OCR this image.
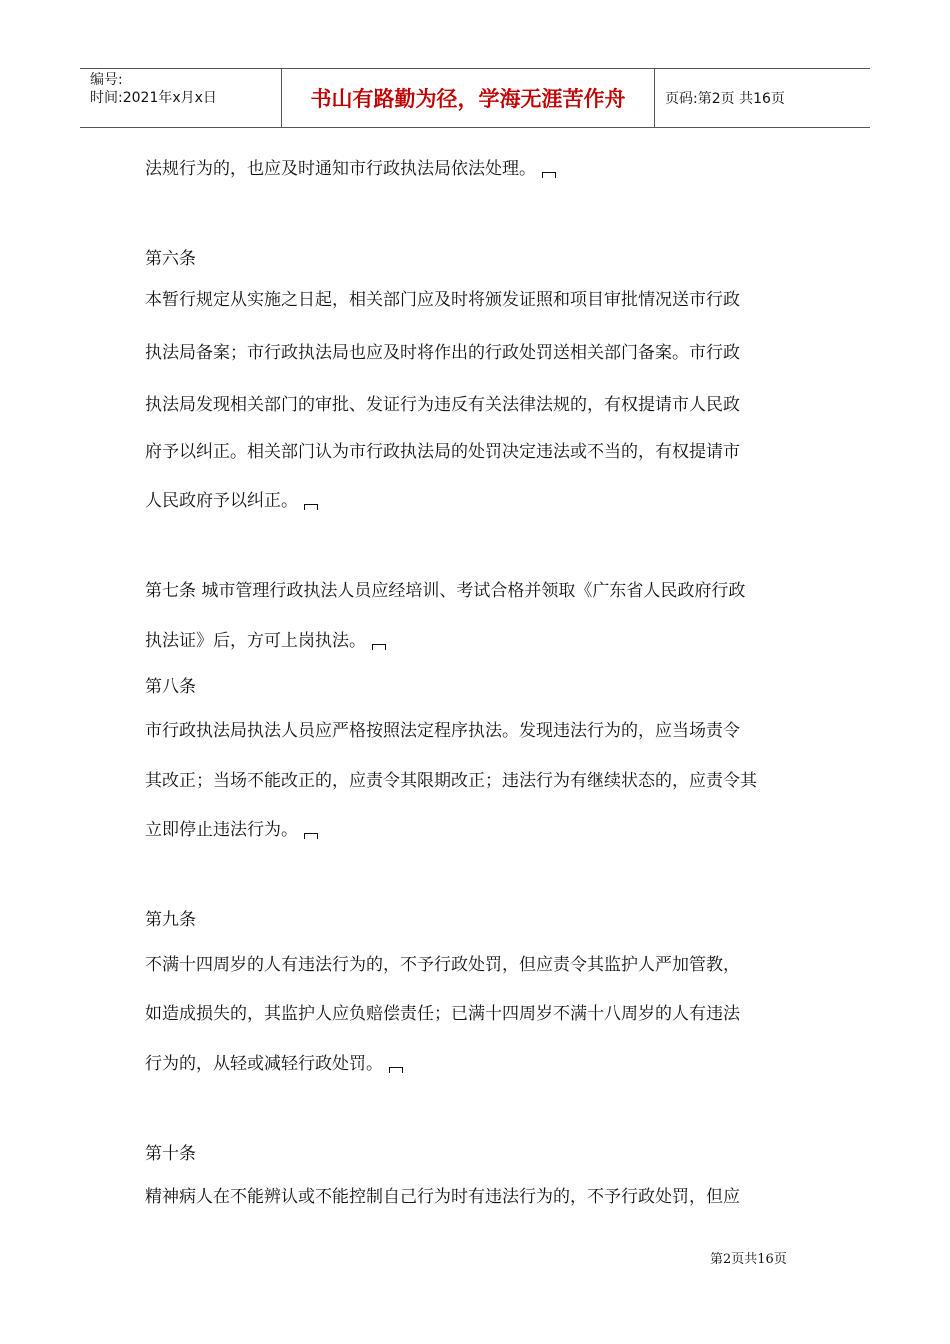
编号:
时间:2021年x月x日	书山有路勤为径，学海无涯苦作舟	页码:第2页 共16页
法规行为的，也应及时通知市行政执法局依法处理。
第六条
本暂行规定从实施之日起，相关部门应及时将颁发证照和项目审批情况送市行政
执法局备案；市行政执法局也应及时将作出的行政处罚送相关部门备案。市行政
执法局发现相关部门的审批、发证行为违反有关法律法规的，有权提请市人民政
府予以纠正。相关部门认为市行政执法局的处罚决定违法或不当的，有权提请市
人民政府予以纠正。
第七条 城市管理行政执法人员应经培训、考试合格并领取《广东省人民政府行政
执法证》后，方可上岗执法。
第八条
市行政执法局执法人员应严格按照法定程序执法。发现违法行为的，应当场责令
其改正；当场不能改正的，应责令其限期改正；违法行为有继续状态的，应责令其
立即停止违法行为。
第九条
不满十四周岁的人有违法行为的，不予行政处罚，但应责令其监护人严加管教，
如造成损失的，其监护人应负赔偿责任；已满十四周岁不满十八周岁的人有违法
行为的，从轻或减轻行政处罚。
第十条
精神病人在不能辨认或不能控制自己行为时有违法行为的，不予行政处罚，但应
第2页共16页
